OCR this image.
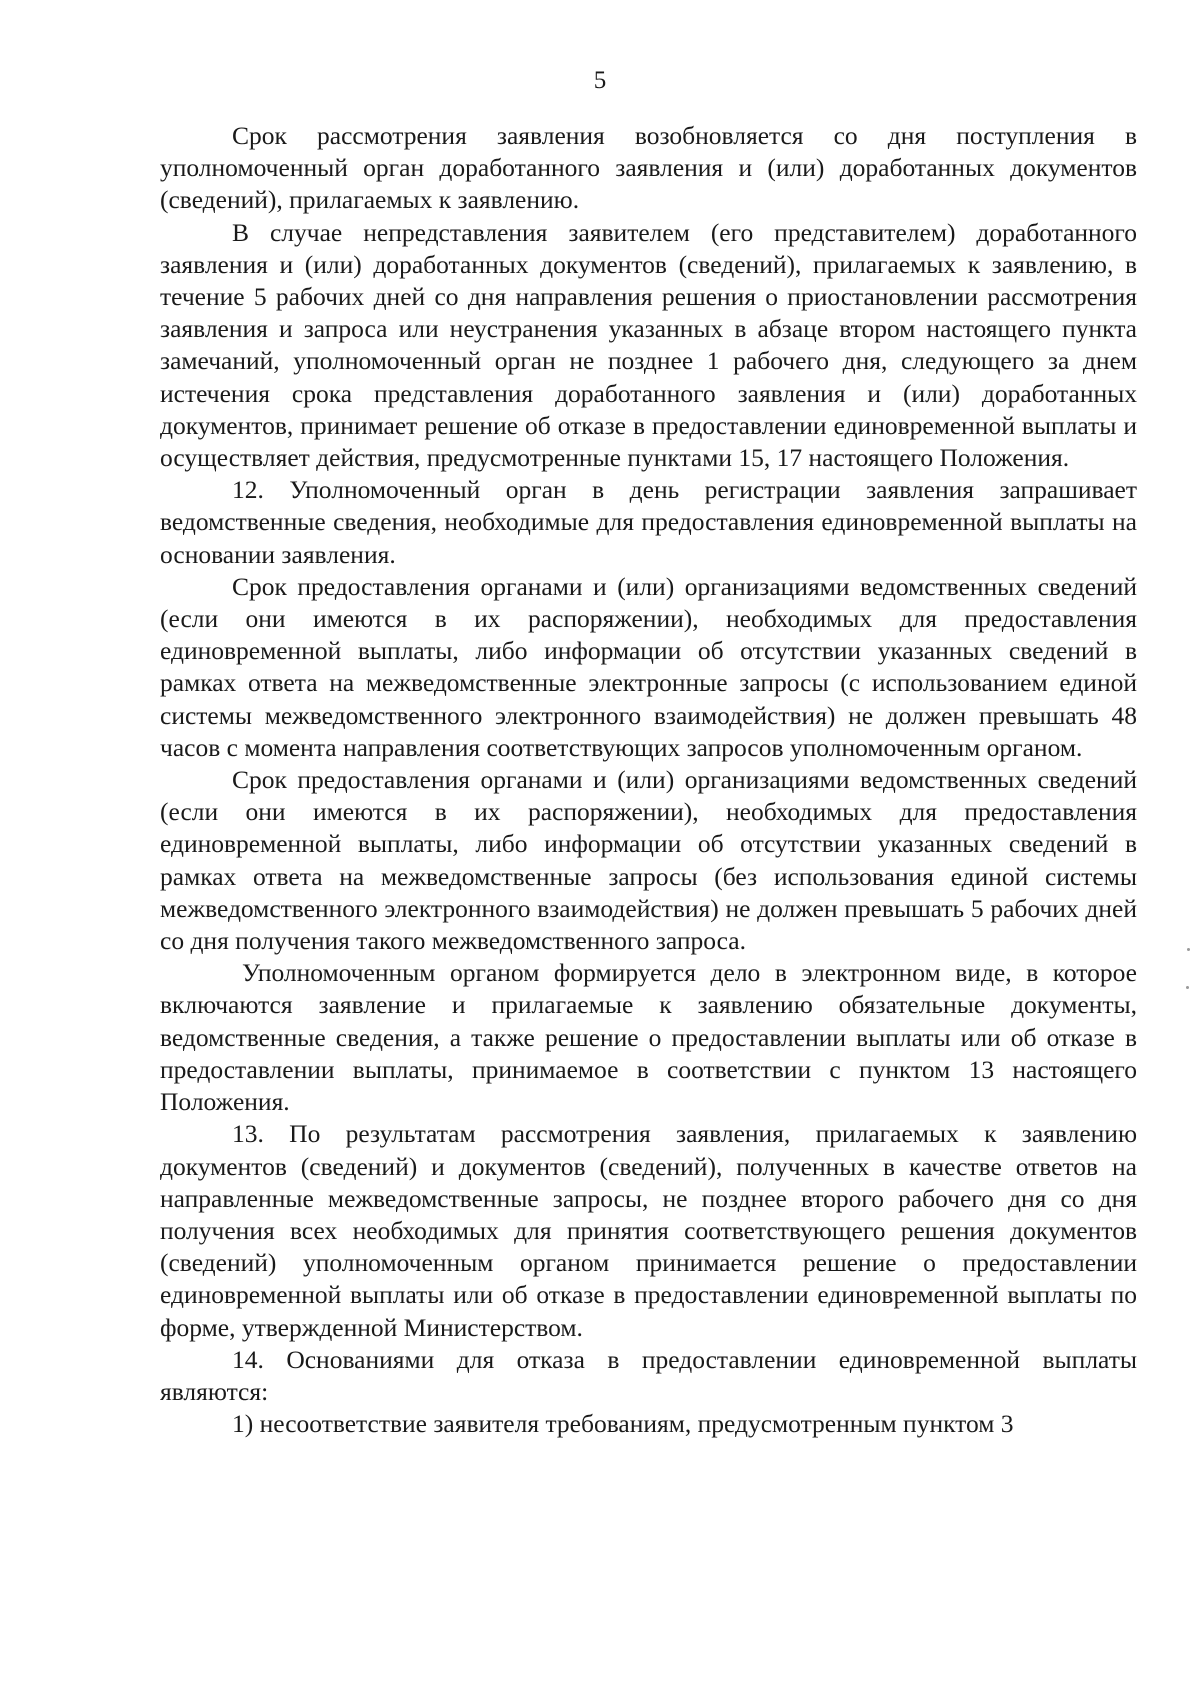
5

Срок рассмотрения заявления возобновляется со дня поступления в уполномоченный орган доработанного заявления и (или) доработанных документов (сведений), прилагаемых к заявлению.

В случае непредставления заявителем (его представителем) доработанного заявления и (или) доработанных документов (сведений), прилагаемых к заявлению, в течение 5 рабочих дней со дня направления решения о приостановлении рассмотрения заявления и запроса или неустранения указанных в абзаце втором настоящего пункта замечаний, уполномоченный орган не позднее 1 рабочего дня, следующего за днем истечения срока представления доработанного заявления и (или) доработанных документов, принимает решение об отказе в предоставлении единовременной выплаты и осуществляет действия, предусмотренные пунктами 15, 17 настоящего Положения.

12. Уполномоченный орган в день регистрации заявления запрашивает ведомственные сведения, необходимые для предоставления единовременной выплаты на основании заявления.

Срок предоставления органами и (или) организациями ведомственных сведений (если они имеются в их распоряжении), необходимых для предоставления единовременной выплаты, либо информации об отсутствии указанных сведений в рамках ответа на межведомственные электронные запросы (с использованием единой системы межведомственного электронного взаимодействия) не должен превышать 48 часов с момента направления соответствующих запросов уполномоченным органом.

Срок предоставления органами и (или) организациями ведомственных сведений (если они имеются в их распоряжении), необходимых для предоставления единовременной выплаты, либо информации об отсутствии указанных сведений в рамках ответа на межведомственные запросы (без использования единой системы межведомственного электронного взаимодействия) не должен превышать 5 рабочих дней со дня получения такого межведомственного запроса.

Уполномоченным органом формируется дело в электронном виде, в которое включаются заявление и прилагаемые к заявлению обязательные документы, ведомственные сведения, а также решение о предоставлении выплаты или об отказе в предоставлении выплаты, принимаемое в соответствии с пунктом 13 настоящего Положения.

13. По результатам рассмотрения заявления, прилагаемых к заявлению документов (сведений) и документов (сведений), полученных в качестве ответов на направленные межведомственные запросы, не позднее второго рабочего дня со дня получения всех необходимых для принятия соответствующего решения документов (сведений) уполномоченным органом принимается решение о предоставлении единовременной выплаты или об отказе в предоставлении единовременной выплаты по форме, утвержденной Министерством.

14. Основаниями для отказа в предоставлении единовременной выплаты являются:

1) несоответствие заявителя требованиям, предусмотренным пунктом 3
